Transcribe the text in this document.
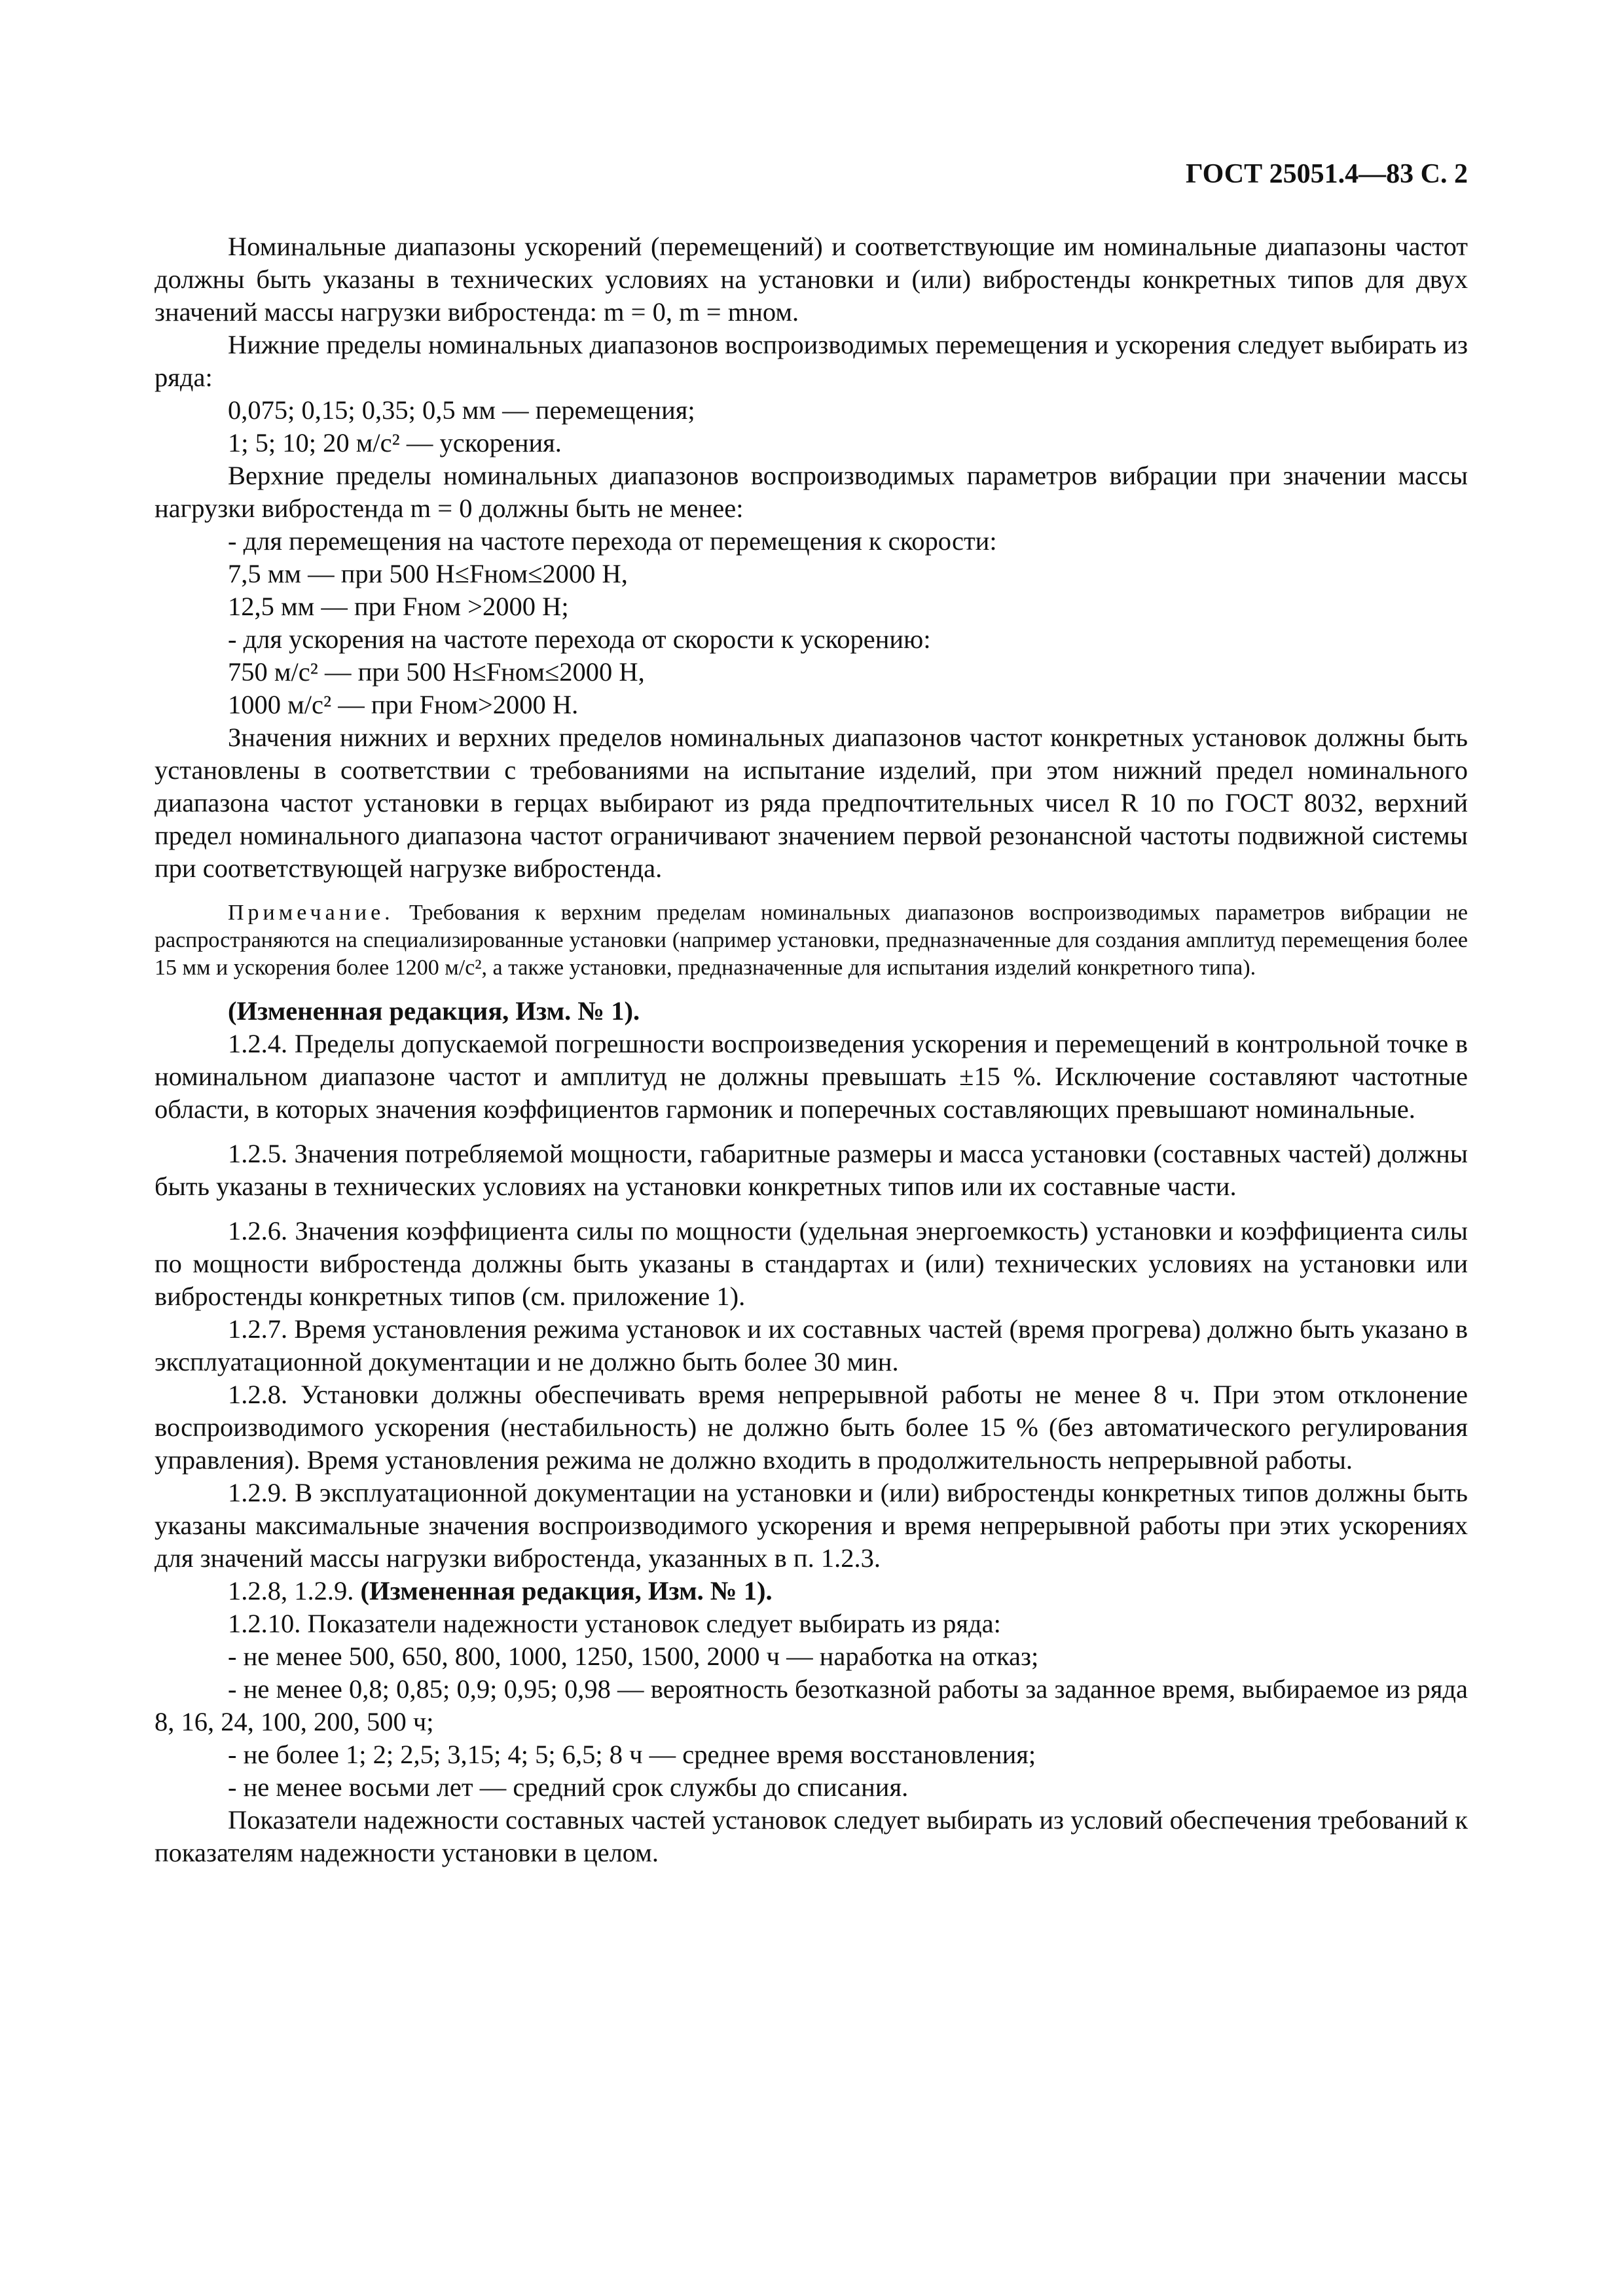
ГОСТ 25051.4—83 С. 2

Номинальные диапазоны ускорений (перемещений) и соответствующие им номинальные диапазоны частот должны быть указаны в технических условиях на установки и (или) вибростенды конкретных типов для двух значений массы нагрузки вибростенда: m = 0, m = mном.

Нижние пределы номинальных диапазонов воспроизводимых перемещения и ускорения следует выбирать из ряда:

0,075; 0,15; 0,35; 0,5 мм — перемещения;

1; 5; 10; 20 м/с² — ускорения.

Верхние пределы номинальных диапазонов воспроизводимых параметров вибрации при значении массы нагрузки вибростенда m = 0 должны быть не менее:

- для перемещения на частоте перехода от перемещения к скорости:

7,5 мм — при 500 Н≤Fном≤2000 Н,

12,5 мм — при Fном >2000 Н;

- для ускорения на частоте перехода от скорости к ускорению:

750 м/с² — при 500 Н≤Fном≤2000 Н,

1000 м/с² — при Fном>2000 Н.

Значения нижних и верхних пределов номинальных диапазонов частот конкретных установок должны быть установлены в соответствии с требованиями на испытание изделий, при этом нижний предел номинального диапазона частот установки в герцах выбирают из ряда предпочтительных чисел R 10 по ГОСТ 8032, верхний предел номинального диапазона частот ограничивают значением первой резонансной частоты подвижной системы при соответствующей нагрузке вибростенда.

Примечание. Требования к верхним пределам номинальных диапазонов воспроизводимых параметров вибрации не распространяются на специализированные установки (например установки, предназначенные для создания амплитуд перемещения более 15 мм и ускорения более 1200 м/с², а также установки, предназначенные для испытания изделий конкретного типа).

(Измененная редакция, Изм. № 1).

1.2.4. Пределы допускаемой погрешности воспроизведения ускорения и перемещений в контрольной точке в номинальном диапазоне частот и амплитуд не должны превышать ±15 %. Исключение составляют частотные области, в которых значения коэффициентов гармоник и поперечных составляющих превышают номинальные.

1.2.5. Значения потребляемой мощности, габаритные размеры и масса установки (составных частей) должны быть указаны в технических условиях на установки конкретных типов или их составные части.

1.2.6. Значения коэффициента силы по мощности (удельная энергоемкость) установки и коэффициента силы по мощности вибростенда должны быть указаны в стандартах и (или) технических условиях на установки или вибростенды конкретных типов (см. приложение 1).

1.2.7. Время установления режима установок и их составных частей (время прогрева) должно быть указано в эксплуатационной документации и не должно быть более 30 мин.

1.2.8. Установки должны обеспечивать время непрерывной работы не менее 8 ч. При этом отклонение воспроизводимого ускорения (нестабильность) не должно быть более 15 % (без автоматического регулирования управления). Время установления режима не должно входить в продолжительность непрерывной работы.

1.2.9. В эксплуатационной документации на установки и (или) вибростенды конкретных типов должны быть указаны максимальные значения воспроизводимого ускорения и время непрерывной работы при этих ускорениях для значений массы нагрузки вибростенда, указанных в п. 1.2.3.

1.2.8, 1.2.9. (Измененная редакция, Изм. № 1).

1.2.10. Показатели надежности установок следует выбирать из ряда:

- не менее 500, 650, 800, 1000, 1250, 1500, 2000 ч — наработка на отказ;

- не менее 0,8; 0,85; 0,9; 0,95; 0,98 — вероятность безотказной работы за заданное время, выбираемое из ряда 8, 16, 24, 100, 200, 500 ч;

- не более 1; 2; 2,5; 3,15; 4; 5; 6,5; 8 ч — среднее время восстановления;

- не менее восьми лет — средний срок службы до списания.

Показатели надежности составных частей установок следует выбирать из условий обеспечения требований к показателям надежности установки в целом.
